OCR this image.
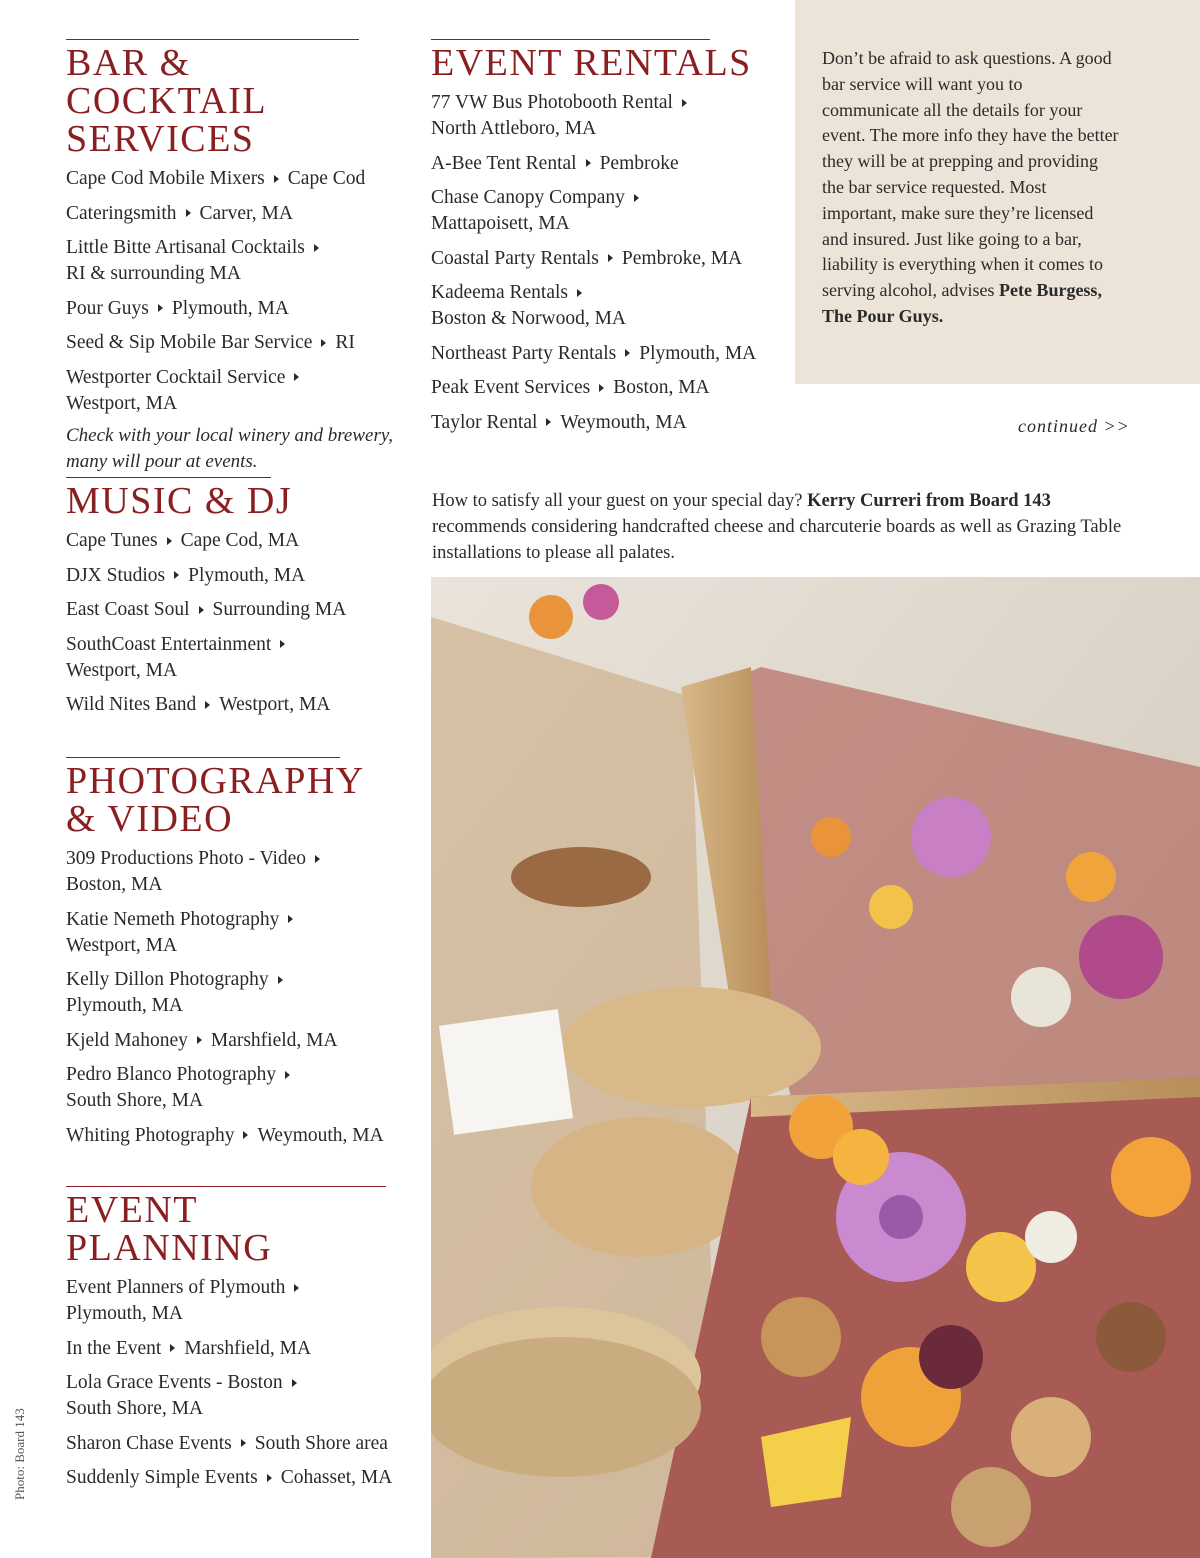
BAR & COCKTAIL
SERVICES
Cape Cod Mobile Mixers Cape Cod
Cateringsmith Carver, MA
Little Bitte Artisanal Cocktails
RI & surrounding MA
Pour Guys Plymouth, MA
Seed & Sip Mobile Bar Service RI
Westporter Cocktail Service
Westport, MA
Check with your local winery and brewery,
many will pour at events.
EVENT RENTALS
77 VW Bus Photobooth Rental
North Attleboro, MA
A-Bee Tent Rental Pembroke
Chase Canopy Company
Mattapoisett, MA
Coastal Party Rentals Pembroke, MA
Kadeema Rentals
Boston & Norwood, MA
Northeast Party Rentals Plymouth, MA
Peak Event Services Boston, MA
Taylor Rental Weymouth, MA

Don’t be afraid to ask questions. A good bar service will want you to communicate all the details for your event. The more info they have the better they will be at prepping and providing the bar service requested. Most important, make sure they’re licensed and insured. Just like going to a bar, liability is everything when it comes to serving alcohol, advises Pete Burgess, The Pour Guys.

continued >>
MUSIC & DJ
Cape Tunes Cape Cod, MA
DJX Studios Plymouth, MA
East Coast Soul Surrounding MA
SouthCoast Entertainment
Westport, MA
Wild Nites Band Westport, MA
PHOTOGRAPHY
& VIDEO
309 Productions Photo - Video
Boston, MA
Katie Nemeth Photography
Westport, MA
Kelly Dillon Photography
Plymouth, MA
Kjeld Mahoney Marshfield, MA
Pedro Blanco Photography
South Shore, MA
Whiting Photography Weymouth, MA
EVENT PLANNING
Event Planners of Plymouth
Plymouth, MA
In the Event Marshfield, MA
Lola Grace Events - Boston
South Shore, MA
Sharon Chase Events South Shore area
Suddenly Simple Events Cohasset, MA

How to satisfy all your guest on your special day? Kerry Curreri from Board 143 recommends considering handcrafted cheese and charcuterie boards as well as Grazing Table installations to please all palates.

Photo: Board 143
